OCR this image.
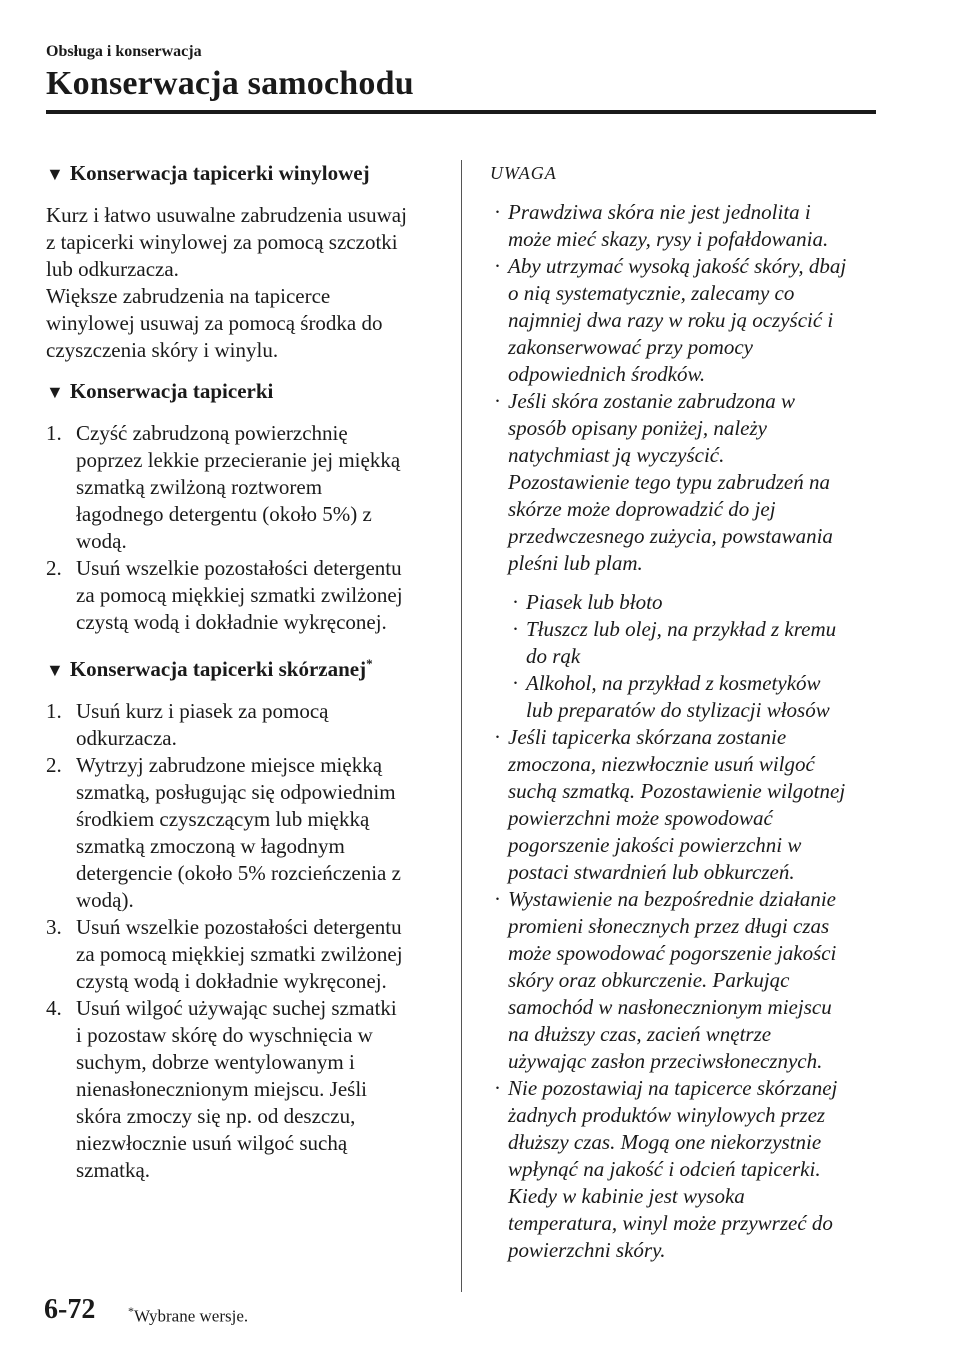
Obsługa i konserwacja

Konserwacja samochodu

▼ Konserwacja tapicerki winylowej

Kurz i łatwo usuwalne zabrudzenia usuwaj

z tapicerki winylowej za pomocą szczotki

lub odkurzacza.

Większe zabrudzenia na tapicerce

winylowej usuwaj za pomocą środka do

czyszczenia skóry i winylu.

▼ Konserwacja tapicerki
1. Czyść zabrudzoną powierzchnię
poprzez lekkie przecieranie jej miękką
szmatką zwilżoną roztworem
łagodnego detergentu (około 5%) z
wodą.
2. Usuń wszelkie pozostałości detergentu
za pomocą miękkiej szmatki zwilżonej
czystą wodą i dokładnie wykręconej.
▼ Konserwacja tapicerki skórzanej*
1. Usuń kurz i piasek za pomocą
odkurzacza.
2. Wytrzyj zabrudzone miejsce miękką
szmatką, posługując się odpowiednim
środkiem czyszczącym lub miękką
szmatką zmoczoną w łagodnym
detergencie (około 5% rozcieńczenia z
wodą).
3. Usuń wszelkie pozostałości detergentu
za pomocą miękkiej szmatki zwilżonej
czystą wodą i dokładnie wykręconej.
4. Usuń wilgoć używając suchej szmatki
i pozostaw skórę do wyschnięcia w
suchym, dobrze wentylowanym i
nienasłonecznionym miejscu. Jeśli
skóra zmoczy się np. od deszczu,
niezwłocznie usuń wilgoć suchą
szmatką.

UWAGA

· Prawdziwa skóra nie jest jednolita i
może mieć skazy, rysy i pofałdowania.
· Aby utrzymać wysoką jakość skóry, dbaj
o nią systematycznie, zalecamy co
najmniej dwa razy w roku ją oczyścić i
zakonserwować przy pomocy
odpowiednich środków.
· Jeśli skóra zostanie zabrudzona w
sposób opisany poniżej, należy
natychmiast ją wyczyścić.
Pozostawienie tego typu zabrudzeń na
skórze może doprowadzić do jej
przedwczesnego zużycia, powstawania
pleśni lub plam.
· Piasek lub błoto
· Tłuszcz lub olej, na przykład z kremu
do rąk
· Alkohol, na przykład z kosmetyków
lub preparatów do stylizacji włosów
· Jeśli tapicerka skórzana zostanie
zmoczona, niezwłocznie usuń wilgoć
suchą szmatką. Pozostawienie wilgotnej
powierzchni może spowodować
pogorszenie jakości powierzchni w
postaci stwardnień lub obkurczeń.
· Wystawienie na bezpośrednie działanie
promieni słonecznych przez długi czas
może spowodować pogorszenie jakości
skóry oraz obkurczenie. Parkując
samochód w nasłonecznionym miejscu
na dłuższy czas, zacień wnętrze
używając zasłon przeciwsłonecznych.
· Nie pozostawiaj na tapicerce skórzanej
żadnych produktów winylowych przez
dłuższy czas. Mogą one niekorzystnie
wpłynąć na jakość i odcień tapicerki.
Kiedy w kabinie jest wysoka
temperatura, winyl może przywrzeć do
powierzchni skóry.
6-72	*Wybrane wersje.
